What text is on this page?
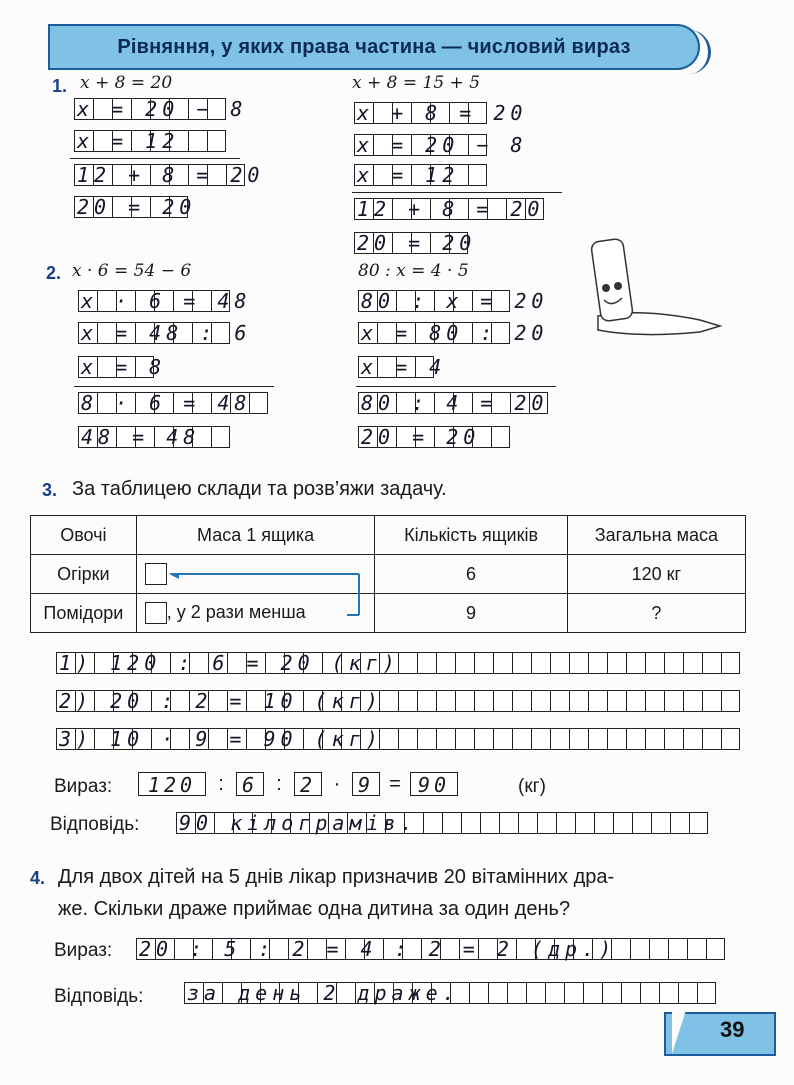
Рівняння, у яких права частина — числовий вираз
1. x + 8 = 20	x + 8 = 15 + 5
x = 20 − 8
x = 12
12 + 8 = 20
20 = 20
x + 8 = 20
x = 20 − 8
x = 12
12 + 8 = 20
20 = 20
2. x · 6 = 54 − 6	80 : x = 4 · 5
x · 6 = 48
x = 48 : 6
x = 8
8 · 6 = 48
48 = 48
80 : x = 20
x = 80 : 20
x = 4
80 : 4 = 20
20 = 20
3. За таблицею склади та розв’яжи задачу.
Овочі	Маса 1 ящика	Кількість ящиків	Загальна маса
Огірки		6	120 кг
Помідори	, у 2 рази менша	9	?
1) 120 : 6 = 20 (кг)
2) 20 : 2 = 10 (кг)
3) 10 · 9 = 90 (кг)
Вираз:	120	: 6 : 2 · 9 = 90	(кг)
Відповідь: 90 кілограмів.
4. Для двох дітей на 5 днів лікар призначив 20 вітамінних дра-
же. Скільки драже приймає одна дитина за один день?
Вираз: 20 : 5 : 2 = 4 : 2 = 2 (др.)
Відповідь: за день 2 драже.
39
